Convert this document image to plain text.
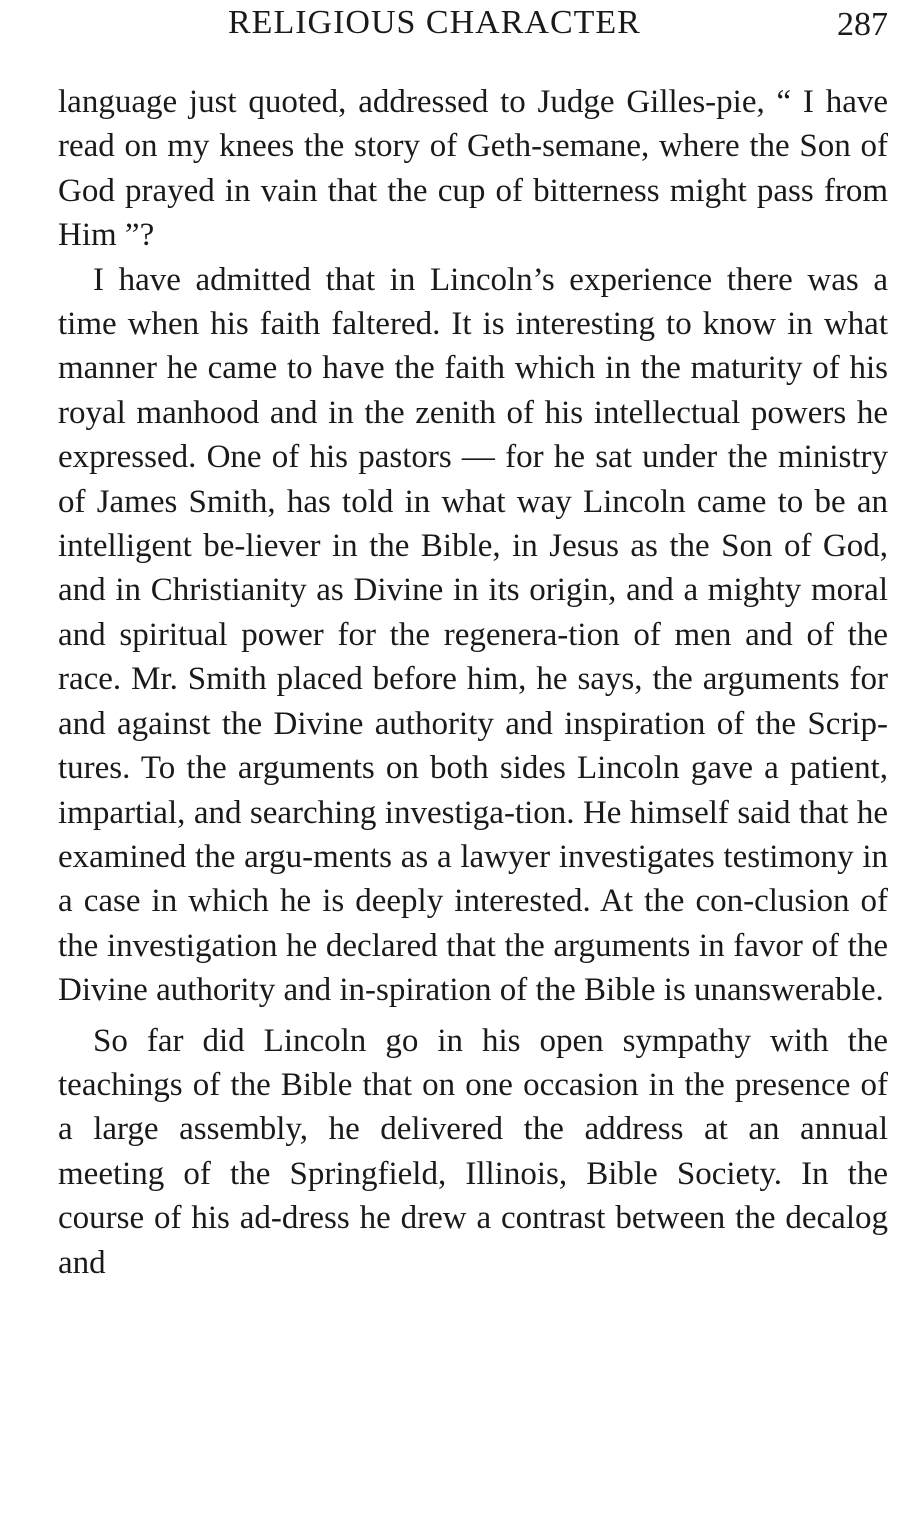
RELIGIOUS CHARACTER	287

language just quoted, addressed to Judge Gilles-pie, “ I have read on my knees the story of Geth-semane, where the Son of God prayed in vain that the cup of bitterness might pass from Him ”?

I have admitted that in Lincoln’s experience there was a time when his faith faltered. It is interesting to know in what manner he came to have the faith which in the maturity of his royal manhood and in the zenith of his intellectual powers he expressed. One of his pastors — for he sat under the ministry of James Smith, has told in what way Lincoln came to be an intelligent be-liever in the Bible, in Jesus as the Son of God, and in Christianity as Divine in its origin, and a mighty moral and spiritual power for the regenera-tion of men and of the race. Mr. Smith placed before him, he says, the arguments for and against the Divine authority and inspiration of the Scrip-tures. To the arguments on both sides Lincoln gave a patient, impartial, and searching investiga-tion. He himself said that he examined the argu-ments as a lawyer investigates testimony in a case in which he is deeply interested. At the con-clusion of the investigation he declared that the arguments in favor of the Divine authority and in-spiration of the Bible is unanswerable.

So far did Lincoln go in his open sympathy with the teachings of the Bible that on one occasion in the presence of a large assembly, he delivered the address at an annual meeting of the Springfield, Illinois, Bible Society. In the course of his ad-dress he drew a contrast between the decalog and
